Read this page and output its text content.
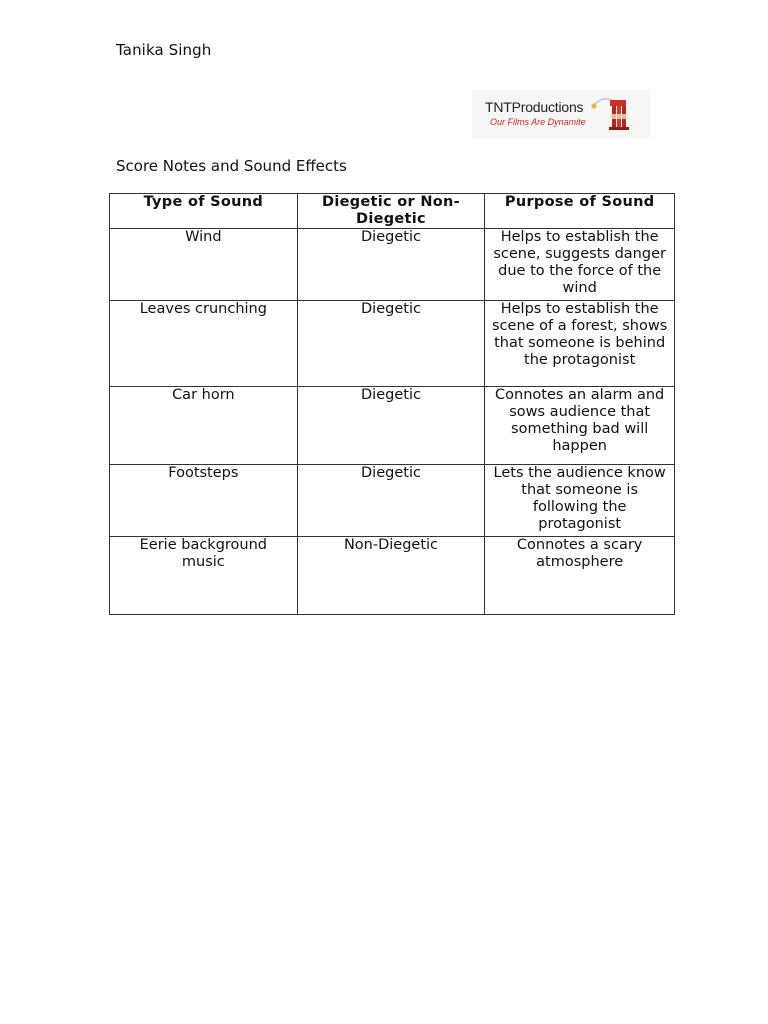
Tanika Singh
TNTProductions
Our Films Are Dynamite
Score Notes and Sound Effects
Type of Sound	Diegetic or Non-Diegetic	Purpose of Sound
Wind	Diegetic	Helps to establish the scene, suggests danger due to the force of the wind
Leaves crunching	Diegetic	Helps to establish the scene of a forest, shows that someone is behind the protagonist
Car horn	Diegetic	Connotes an alarm and sows audience that something bad will happen
Footsteps	Diegetic	Lets the audience know that someone is following the protagonist
Eerie background music	Non-Diegetic	Connotes a scary atmosphere
